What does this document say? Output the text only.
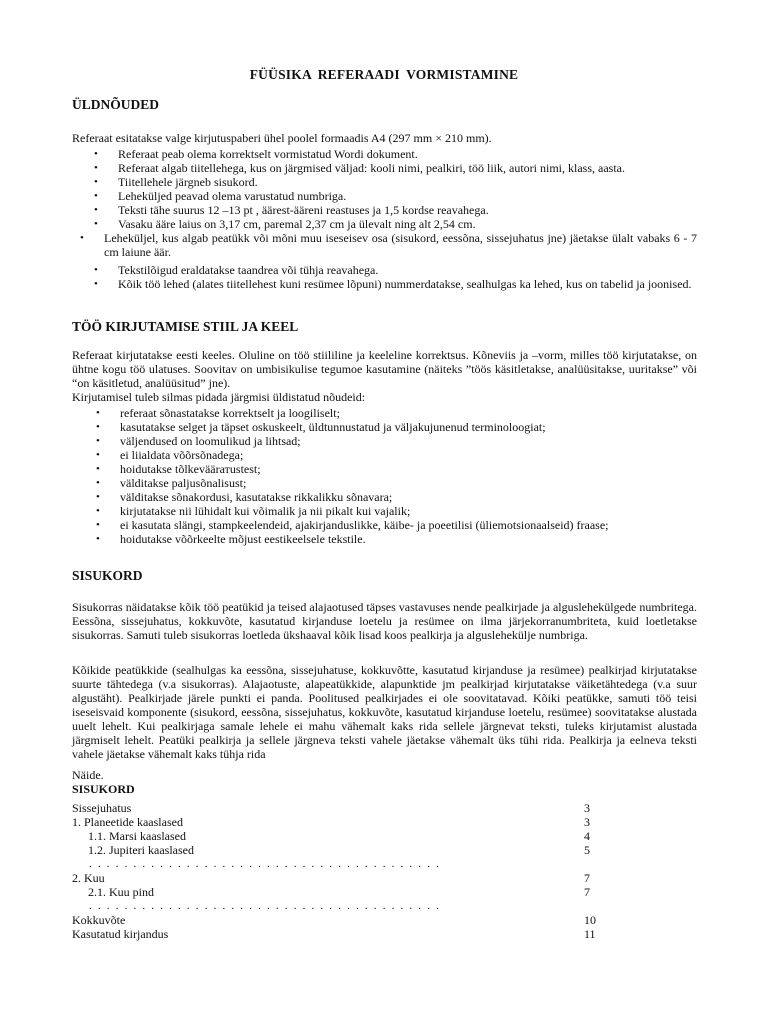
FÜÜSIKA REFERAADI VORMISTAMINE
ÜLDNÕUDED

Referaat esitatakse valge kirjutuspaberi ühel poolel formaadis A4 (297 mm × 210 mm).

• Referaat peab olema korrektselt vormistatud Wordi dokument.
• Referaat algab tiitellehega, kus on järgmised väljad: kooli nimi, pealkiri, töö liik, autori nimi, klass, aasta.
• Tiitellehele järgneb sisukord.
• Leheküljed peavad olema varustatud numbriga.
• Teksti tähe suurus 12 –13 pt , äärest-ääreni reastuses ja 1,5 kordse reavahega.
• Vasaku ääre laius on 3,17 cm, paremal 2,37 cm ja ülevalt ning alt 2,54 cm.
• Leheküljel, kus algab peatükk või mõni muu iseseisev osa (sisukord, eessõna, sissejuhatus jne) jäetakse ülalt vabaks 6 - 7 cm laiune äär.
• Tekstilõigud eraldatakse taandrea või tühja reavahega.
• Kõik töö lehed (alates tiitellehest kuni resümee lõpuni) nummerdatakse, sealhulgas ka lehed, kus on tabelid ja joonised.
TÖÖ KIRJUTAMISE STIIL JA KEEL

Referaat kirjutatakse eesti keeles. Oluline on töö stiililine ja keeleline korrektsus. Kõneviis ja –vorm, milles töö kirjutatakse, on ühtne kogu töö ulatuses. Soovitav on umbisikulise tegumoe kasutamine (näiteks ”töös käsitletakse, analüüsitakse, uuritakse” või “on käsitletud, analüüsitud” jne).

Kirjutamisel tuleb silmas pidada järgmisi üldistatud nõudeid:

• referaat sõnastatakse korrektselt ja loogiliselt;
• kasutatakse selget ja täpset oskuskeelt, üldtunnustatud ja väljakujunenud terminoloogiat;
• väljendused on loomulikud ja lihtsad;
• ei liialdata võõrsõnadega;
• hoidutakse tõlkeväärатustest;
• välditakse paljusõnalisust;
• välditakse sõnakordusi, kasutatakse rikkalikku sõnavara;
• kirjutatakse nii lühidalt kui võimalik ja nii pikalt kui vajalik;
• ei kasutata slängi, stampkeelendeid, ajakirjanduslikke, käibe- ja poeetilisi (üliemotsionaalseid) fraase;
• hoidutakse võõrkeelte mõjust eestikeelsele tekstile.
SISUKORD

Sisukorras näidatakse kõik töö peatükid ja teised alajaotused täpses vastavuses nende pealkirjade ja alguslehekülgede numbritega. Eessõna, sissejuhatus, kokkuvõte, kasutatud kirjanduse loetelu ja resümee on ilma järjekorranumbriteta, kuid loetletakse sisukorras. Samuti tuleb sisukorras loetleda ükshaaval kõik lisad koos pealkirja ja alguslehekülje numbriga.

Kõikide peatükkide (sealhulgas ka eessõna, sissejuhatuse, kokkuvõtte, kasutatud kirjanduse ja resümee) pealkirjad kirjutatakse suurte tähtedega (v.a sisukorras). Alajaotuste, alapeatükkide, alapunktide jm pealkirjad kirjutatakse väiketähtedega (v.a suur algustäht). Pealkirjade järele punkti ei panda. Poolitused pealkirjades ei ole soovitatavad. Kõiki peatükke, samuti töö teisi iseseisvaid komponente (sisukord, eessõna, sissejuhatus, kokkuvõte, kasutatud kirjanduse loetelu, resümee) soovitatakse alustada uuelt lehelt. Kui pealkirjaga samale lehele ei mahu vähemalt kaks rida sellele järgnevat teksti, tuleks kirjutamist alustada järgmiselt lehelt. Peatüki pealkirja ja sellele järgneva teksti vahele jäetakse vähemalt üks tühi rida. Pealkirja ja eelneva teksti vahele jäetakse vähemalt kaks tühja rida

Näide.

SISUKORD

Sissejuhatus	3
1. Planeetide kaaslased	3
1.1. Marsi kaaslased	4
1.2. Jupiteri kaaslased	5
. . . . . . . . . . . . . . . . . . . . . . . . . . . . . . . . . . . . . . . .
2. Kuu	7
2.1. Kuu pind	7
. . . . . . . . . . . . . . . . . . . . . . . . . . . . . . . . . . . . . . . .
Kokkuvõte	10
Kasutatud kirjandus	11
